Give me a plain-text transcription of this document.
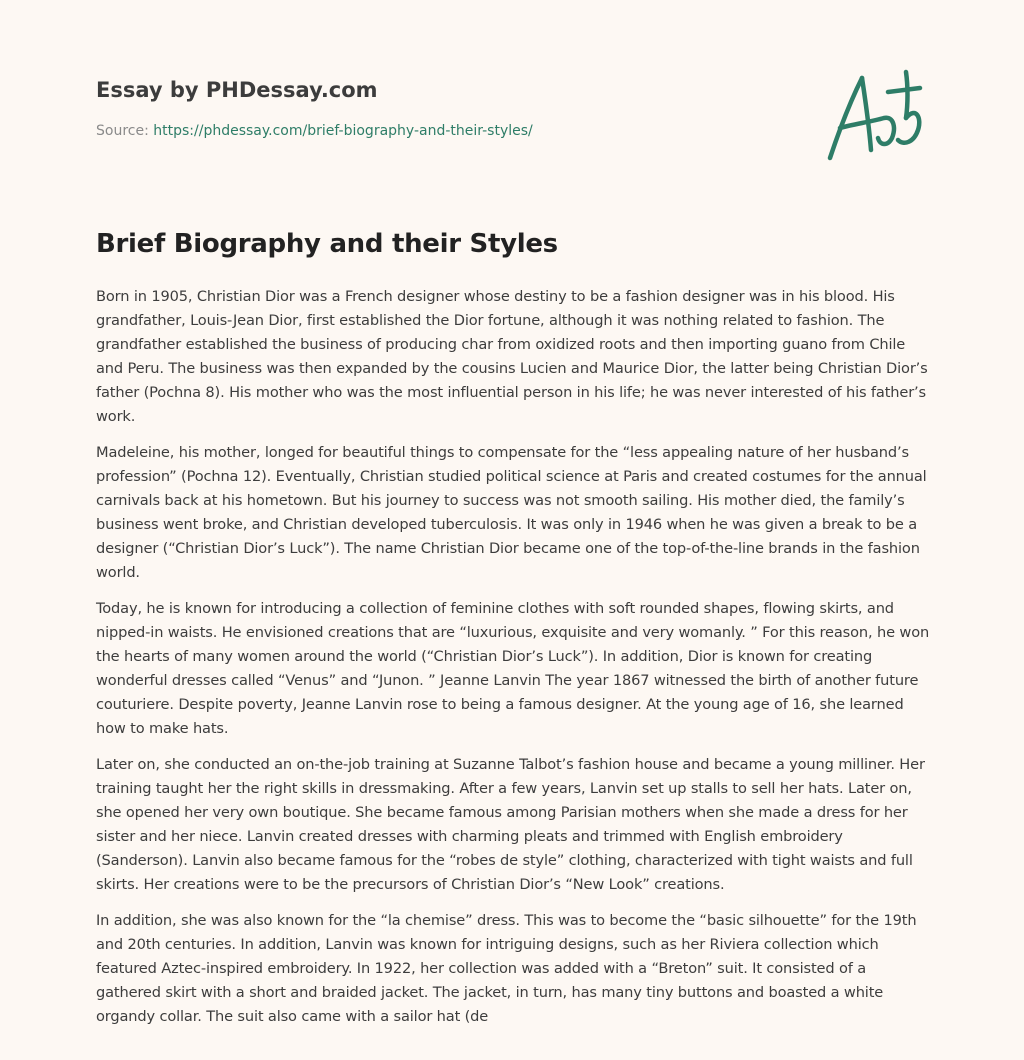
Essay by PHDessay.com
Source: https://phdessay.com/brief-biography-and-their-styles/
Brief Biography and their Styles

Born in 1905, Christian Dior was a French designer whose destiny to be a fashion designer was in his blood. His grandfather, Louis-Jean Dior, first established the Dior fortune, although it was nothing related to fashion. The grandfather established the business of producing char from oxidized roots and then importing guano from Chile and Peru. The business was then expanded by the cousins Lucien and Maurice Dior, the latter being Christian Dior’s father (Pochna 8). His mother who was the most influential person in his life; he was never interested of his father’s work.

Madeleine, his mother, longed for beautiful things to compensate for the “less appealing nature of her husband’s profession” (Pochna 12). Eventually, Christian studied political science at Paris and created costumes for the annual carnivals back at his hometown. But his journey to success was not smooth sailing. His mother died, the family’s business went broke, and Christian developed tuberculosis. It was only in 1946 when he was given a break to be a designer (“Christian Dior’s Luck”). The name Christian Dior became one of the top-of-the-line brands in the fashion world.

Today, he is known for introducing a collection of feminine clothes with soft rounded shapes, flowing skirts, and nipped-in waists. He envisioned creations that are “luxurious, exquisite and very womanly. ” For this reason, he won the hearts of many women around the world (“Christian Dior’s Luck”). In addition, Dior is known for creating wonderful dresses called “Venus” and “Junon. ” Jeanne Lanvin The year 1867 witnessed the birth of another future couturiere. Despite poverty, Jeanne Lanvin rose to being a famous designer. At the young age of 16, she learned how to make hats.

Later on, she conducted an on-the-job training at Suzanne Talbot’s fashion house and became a young milliner. Her training taught her the right skills in dressmaking. After a few years, Lanvin set up stalls to sell her hats. Later on, she opened her very own boutique. She became famous among Parisian mothers when she made a dress for her sister and her niece. Lanvin created dresses with charming pleats and trimmed with English embroidery (Sanderson). Lanvin also became famous for the “robes de style” clothing, characterized with tight waists and full skirts. Her creations were to be the precursors of Christian Dior’s “New Look” creations.

In addition, she was also known for the “la chemise” dress. This was to become the “basic silhouette” for the 19th and 20th centuries. In addition, Lanvin was known for intriguing designs, such as her Riviera collection which featured Aztec-inspired embroidery. In 1922, her collection was added with a “Breton” suit. It consisted of a gathered skirt with a short and braided jacket. The jacket, in turn, has many tiny buttons and boasted a white organdy collar. The suit also came with a sailor hat (de
